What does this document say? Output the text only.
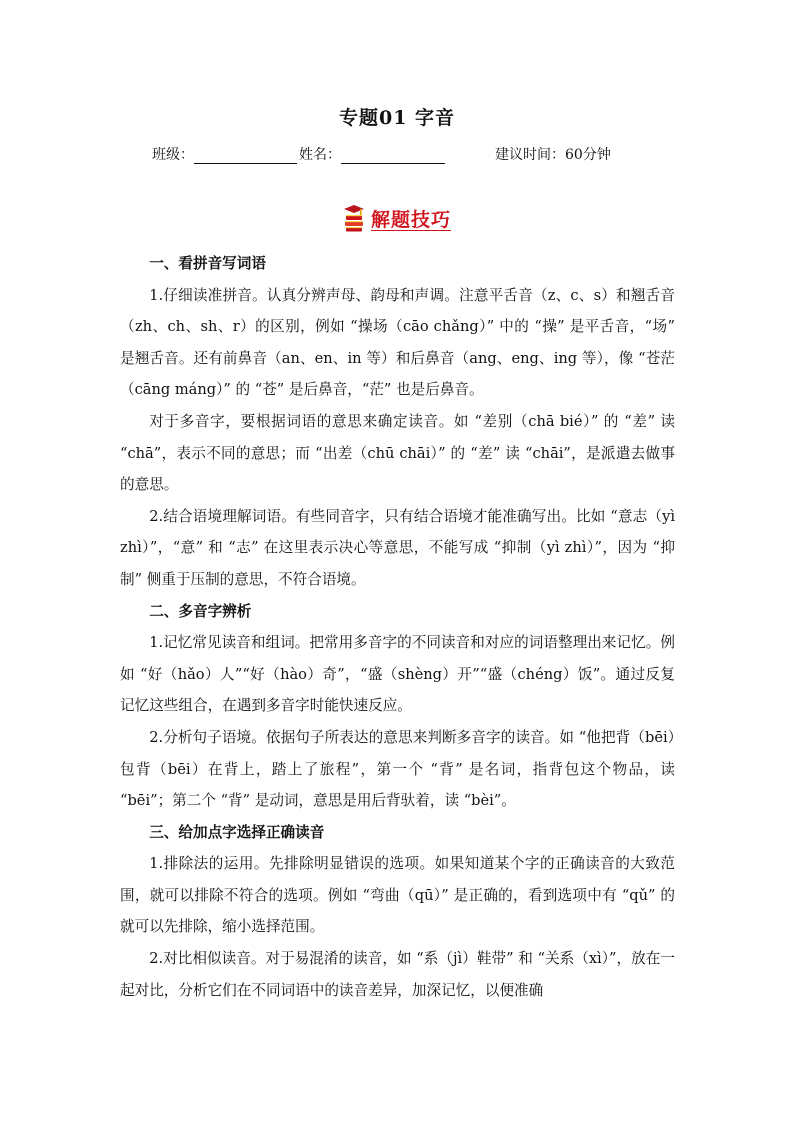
专题01 字音
班级：	姓名：	建议时间：60分钟
解题技巧
一、看拼音写词语

1.仔细读准拼音。认真分辨声母、韵母和声调。注意平舌音（z、c、s）和翘舌音（zh、ch、sh、r）的区别，例如 “操场（cāo chǎng）” 中的 “操” 是平舌音，“场” 是翘舌音。还有前鼻音（an、en、in 等）和后鼻音（ang、eng、ing 等），像 “苍茫（cāng máng）” 的 “苍” 是后鼻音，“茫” 也是后鼻音。

对于多音字，要根据词语的意思来确定读音。如 “差别（chā bié）” 的 “差” 读 “chā”，表示不同的意思；而 “出差（chū chāi）” 的 “差” 读 “chāi”，是派遣去做事的意思。

2.结合语境理解词语。有些同音字，只有结合语境才能准确写出。比如 “意志（yì zhì）”，“意” 和 “志” 在这里表示决心等意思，不能写成 “抑制（yì zhì）”，因为 “抑制” 侧重于压制的意思，不符合语境。

二、多音字辨析

1.记忆常见读音和组词。把常用多音字的不同读音和对应的词语整理出来记忆。例如 “好（hǎo）人”“好（hào）奇”，“盛（shèng）开”“盛（chéng）饭”。通过反复记忆这些组合，在遇到多音字时能快速反应。

2.分析句子语境。依据句子所表达的意思来判断多音字的读音。如 “他把背（bēi）包背（bēi）在背上，踏上了旅程”，第一个 “背” 是名词，指背包这个物品，读 “bēi”；第二个 “背” 是动词，意思是用后背驮着，读 “bèi”。

三、给加点字选择正确读音

1.排除法的运用。先排除明显错误的选项。如果知道某个字的正确读音的大致范围，就可以排除不符合的选项。例如 “弯曲（qū）” 是正确的，看到选项中有 “qǔ” 的就可以先排除，缩小选择范围。

2.对比相似读音。对于易混淆的读音，如 “系（jì）鞋带” 和 “关系（xì）”，放在一起对比，分析它们在不同词语中的读音差异，加深记忆，以便准确
